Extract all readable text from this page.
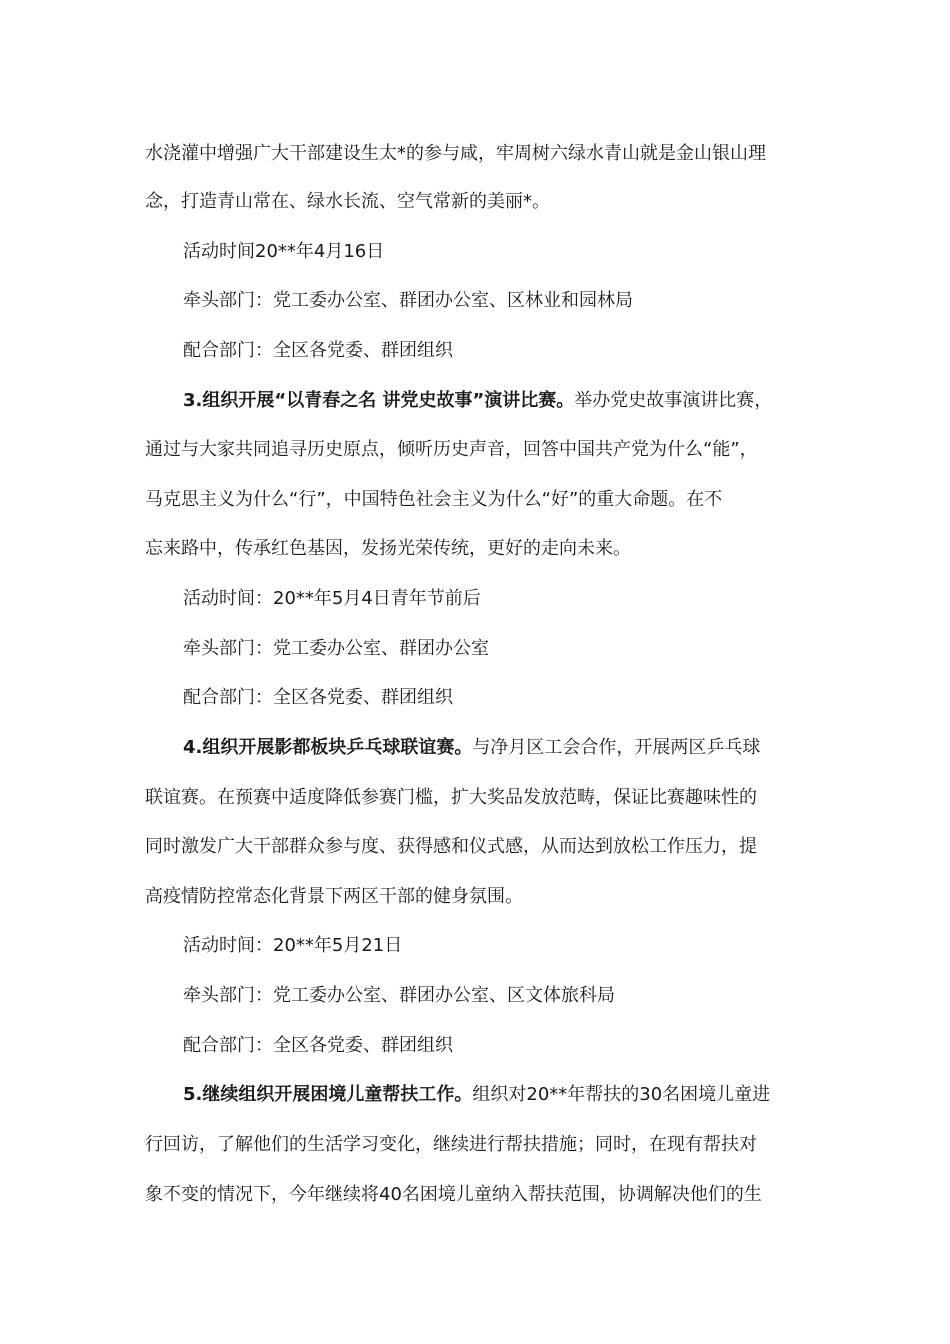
水浇灌中增强广大干部建设生太*的参与咸，牢周树六绿水青山就是金山银山理
念，打造青山常在、绿水长流、空气常新的美丽*。
活动时间20**年4月16日
牵头部门：党工委办公室、群团办公室、区林业和园林局
配合部门：全区各党委、群团组织
3.组织开展“以青春之名 讲党史故事”演讲比赛。举办党史故事演讲比赛，
通过与大家共同追寻历史原点，倾听历史声音，回答中国共产党为什么“能”，
马克思主义为什么“行”，中国特色社会主义为什么“好”的重大命题。在不
忘来路中，传承红色基因，发扬光荣传统，更好的走向未来。
活动时间：20**年5月4日青年节前后
牵头部门：党工委办公室、群团办公室
配合部门：全区各党委、群团组织
4.组织开展影都板块乒乓球联谊赛。与净月区工会合作，开展两区乒乓球
联谊赛。在预赛中适度降低参赛门槛，扩大奖品发放范畴，保证比赛趣味性的
同时激发广大干部群众参与度、获得感和仪式感，从而达到放松工作压力，提
高疫情防控常态化背景下两区干部的健身氛围。
活动时间：20**年5月21日
牵头部门：党工委办公室、群团办公室、区文体旅科局
配合部门：全区各党委、群团组织
5.继续组织开展困境儿童帮扶工作。组织对20**年帮扶的30名困境儿童进
行回访，了解他们的生活学习变化，继续进行帮扶措施；同时，在现有帮扶对
象不变的情况下，今年继续将40名困境儿童纳入帮扶范围，协调解决他们的生
